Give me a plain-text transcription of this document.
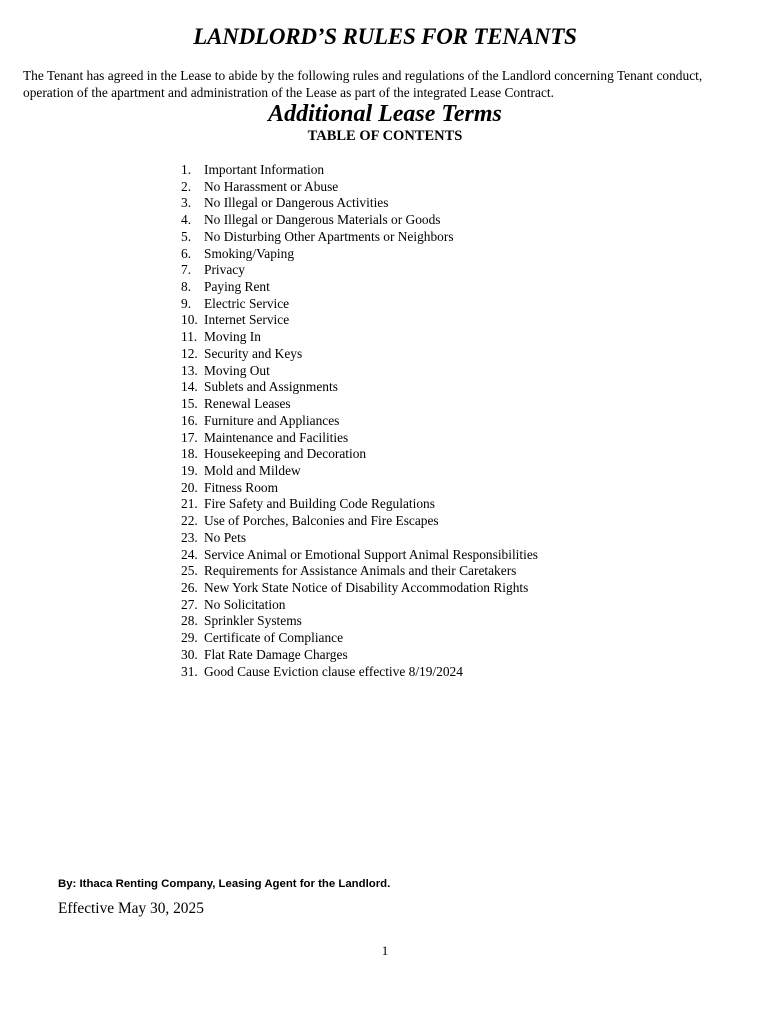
LANDLORD’S RULES FOR TENANTS

The Tenant has agreed in the Lease to abide by the following rules and regulations of the Landlord concerning Tenant conduct, operation of the apartment and administration of the Lease as part of the integrated Lease Contract.

Additional Lease Terms
TABLE OF CONTENTS
1. Important Information
2. No Harassment or Abuse
3. No Illegal or Dangerous Activities
4. No Illegal or Dangerous Materials or Goods
5. No Disturbing Other Apartments or Neighbors
6. Smoking/Vaping
7. Privacy
8. Paying Rent
9. Electric Service
10. Internet Service
11. Moving In
12. Security and Keys
13. Moving Out
14. Sublets and Assignments
15. Renewal Leases
16. Furniture and Appliances
17. Maintenance and Facilities
18. Housekeeping and Decoration
19. Mold and Mildew
20. Fitness Room
21. Fire Safety and Building Code Regulations
22. Use of Porches, Balconies and Fire Escapes
23. No Pets
24. Service Animal or Emotional Support Animal Responsibilities
25. Requirements for Assistance Animals and their Caretakers
26. New York State Notice of Disability Accommodation Rights
27. No Solicitation
28. Sprinkler Systems
29. Certificate of Compliance
30. Flat Rate Damage Charges
31. Good Cause Eviction clause effective 8/19/2024
By: Ithaca Renting Company, Leasing Agent for the Landlord.
Effective May 30, 2025
1
